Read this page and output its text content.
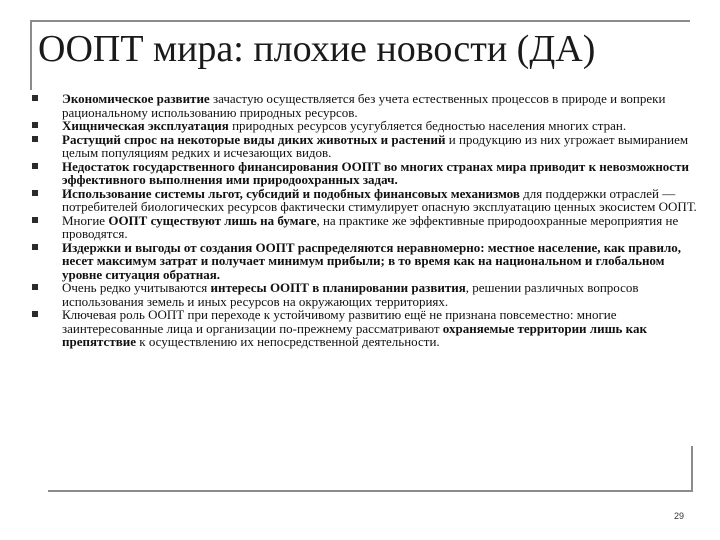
ООПТ мира: плохие новости (ДА)
Экономическое развитие зачастую осуществляется без учета естественных процессов в природе и вопреки рациональному использованию природных ресурсов.
Хищническая эксплуатация природных ресурсов усугубляется бедностью населения многих стран.
Растущий спрос на некоторые виды диких животных и растений и продукцию из них угрожает вымиранием целым популяциям редких и исчезающих видов.
Недостаток государственного финансирования ООПТ во многих странах мира приводит к невозможности эффективного выполнения ими природоохранных задач.
Использование системы льгот, субсидий и подобных финансовых механизмов для поддержки отраслей — потребителей биологических ресурсов фактически стимулирует опасную эксплуатацию ценных экосистем ООПТ.
Многие ООПТ существуют лишь на бумаге, на практике же эффективные природоохранные мероприятия не проводятся.
Издержки и выгоды от создания ООПТ распределяются неравномерно: местное население, как правило, несет максимум затрат и получает минимум прибыли; в то время как на национальном и глобальном уровне ситуация обратная.
Очень редко учитываются интересы ООПТ в планировании развития, решении различных вопросов использования земель и иных ресурсов на окружающих территориях.
Ключевая роль ООПТ при переходе к устойчивому развитию ещё не признана повсеместно: многие заинтересованные лица и организации по-прежнему рассматривают охраняемые территории лишь как препятствие к осуществлению их непосредственной деятельности.
29
